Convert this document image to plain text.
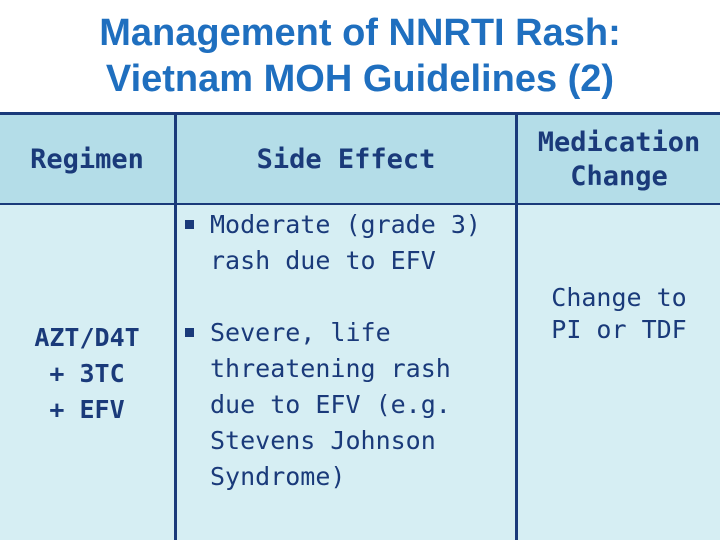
Management of NNRTI Rash:
Vietnam MOH Guidelines (2)
Regimen	Side Effect
Medication
Change
AZT/D4T
+ 3TC
+ EFV
Moderate (grade 3)
rash due to EFV
Severe, life
threatening rash
due to EFV (e.g.
Stevens Johnson
Syndrome)
Change to
PI or TDF
